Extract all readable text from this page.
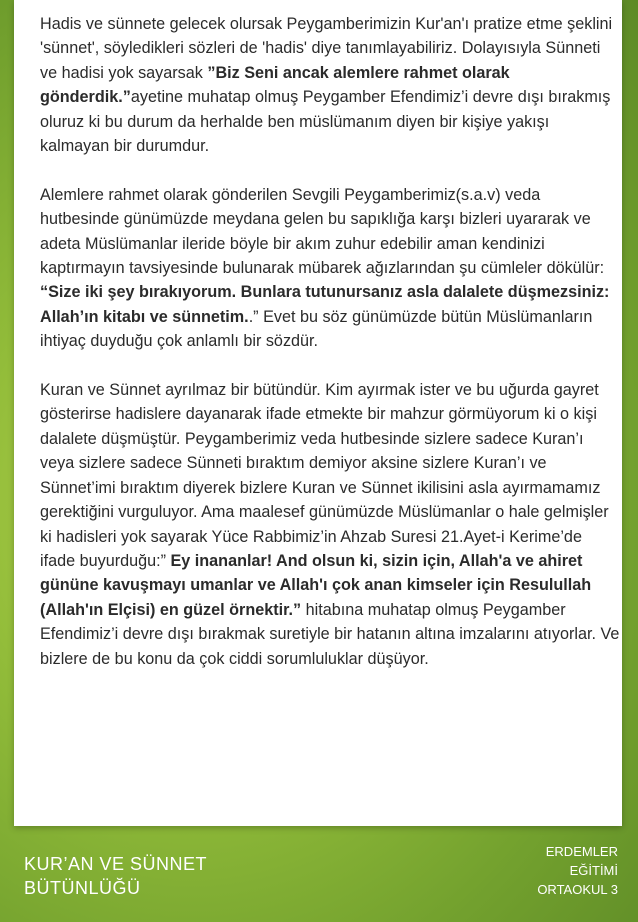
Hadis ve sünnete gelecek olursak Peygamberimizin Kur'an'ı pratize etme şeklini 'sünnet', söyledikleri sözleri de 'hadis' diye tanımlayabiliriz. Dolayısıyla Sünneti ve hadisi yok sayarsak ”Biz Seni ancak alemlere rahmet olarak gönderdik.”ayetine muhatap olmuş Peygamber Efendimiz’i devre dışı bırakmış oluruz ki bu durum da herhalde ben müslümanım diyen bir kişiye yakışı kalmayan bir durumdur.

Alemlere rahmet olarak gönderilen Sevgili Peygamberimiz(s.a.v) veda hutbesinde günümüzde meydana gelen bu sapıklığa karşı bizleri uyararak ve adeta Müslümanlar ileride böyle bir akım zuhur edebilir aman kendinizi kaptırmayın tavsiyesinde bulunarak mübarek ağızlarından şu cümleler dökülür: “Size iki şey bırakıyorum. Bunlara tutunursanız asla dalalete düşmezsiniz: Allah’ın kitabı ve sünnetim..” Evet bu söz günümüzde bütün Müslümanların ihtiyaç duyduğu çok anlamlı bir sözdür.

Kuran ve Sünnet ayrılmaz bir bütündür. Kim ayırmak ister ve bu uğurda gayret gösterirse hadislere dayanarak ifade etmekte bir mahzur görmüyorum ki o kişi dalalete düşmüştür. Peygamberimiz veda hutbesinde sizlere sadece Kuran’ı veya sizlere sadece Sünneti bıraktım demiyor aksine sizlere Kuran’ı ve Sünnet’imi bıraktım diyerek bizlere Kuran ve Sünnet ikilisini asla ayırmamamız gerektiğini vurguluyor. Ama maalesef günümüzde Müslümanlar o hale gelmişler ki hadisleri yok sayarak Yüce Rabbimiz’in Ahzab Suresi 21.Ayet-i Kerime’de ifade buyurduğu:” Ey inananlar! And olsun ki, sizin için, Allah'a ve ahiret gününe kavuşmayı umanlar ve Allah'ı çok anan kimseler için Resulullah (Allah'ın Elçisi) en güzel örnektir.” hitabına muhatap olmuş Peygamber Efendimiz’i devre dışı bırakmak suretiyle bir hatanın altına imzalarını atıyorlar. Ve bizlere de bu konu da çok ciddi sorumluluklar düşüyor.

KUR’AN VE SÜNNET
BÜTÜNLÜĞÜ
ERDEMLER
EĞİTİMİ
ORTAOKUL 3
